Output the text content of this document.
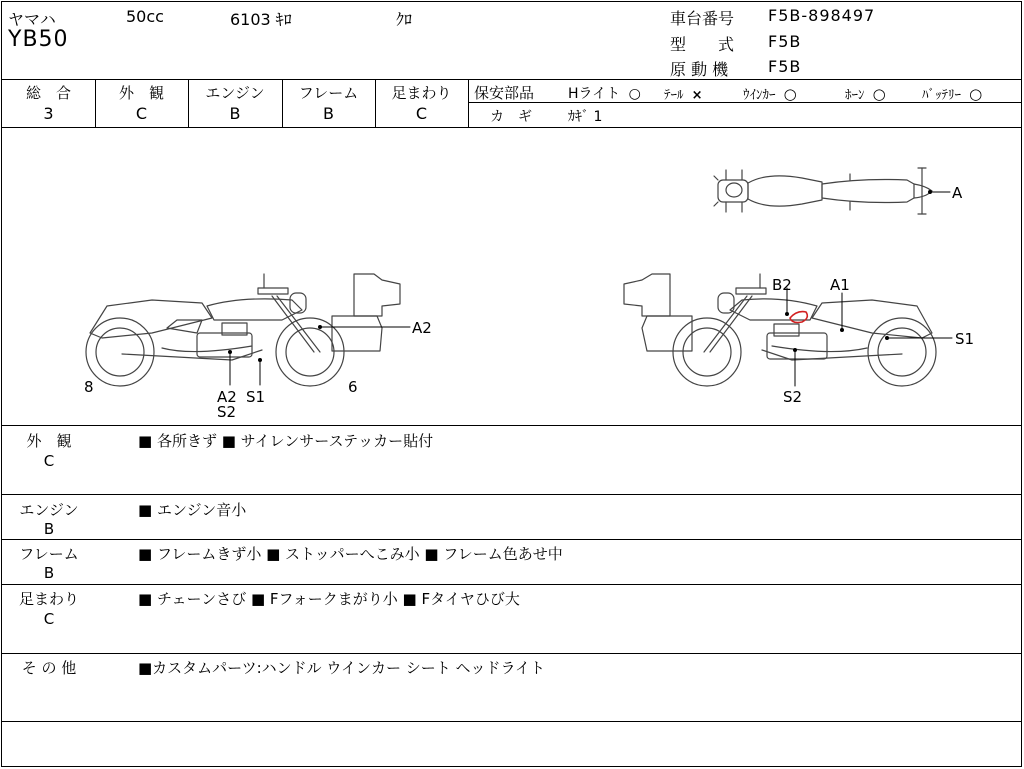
ヤマハ	50cc	6103 ｷﾛ	ｸﾛ
YB50
車台番号 F5B-898497
型　　式 F5B
原 動 機 F5B
総　合
3
外　観
C
エンジン
B
フレーム
B
足まわり
C
保安部品 Hライト ○ ﾃｰﾙ ×	ｳｲﾝｶｰ ○	ﾎｰﾝ ○	ﾊﾞｯﾃﾘｰ ○
カ　ギ	ｶｷﾞ 1
A
A2
8
A2 S1
S2
6
B2	A1
S1
S2
外　観
C
■ 各所きず ■ サイレンサーステッカー貼付
エンジン
B
■ エンジン音小
フレーム
B
■ フレームきず小 ■ ストッパーへこみ小 ■ フレーム色あせ中
足まわり
C
■ チェーンさび ■ Fフォークまがり小 ■ Fタイヤひび大
そ の 他	■カスタムパーツ:ハンドル ウインカー シート ヘッドライト
